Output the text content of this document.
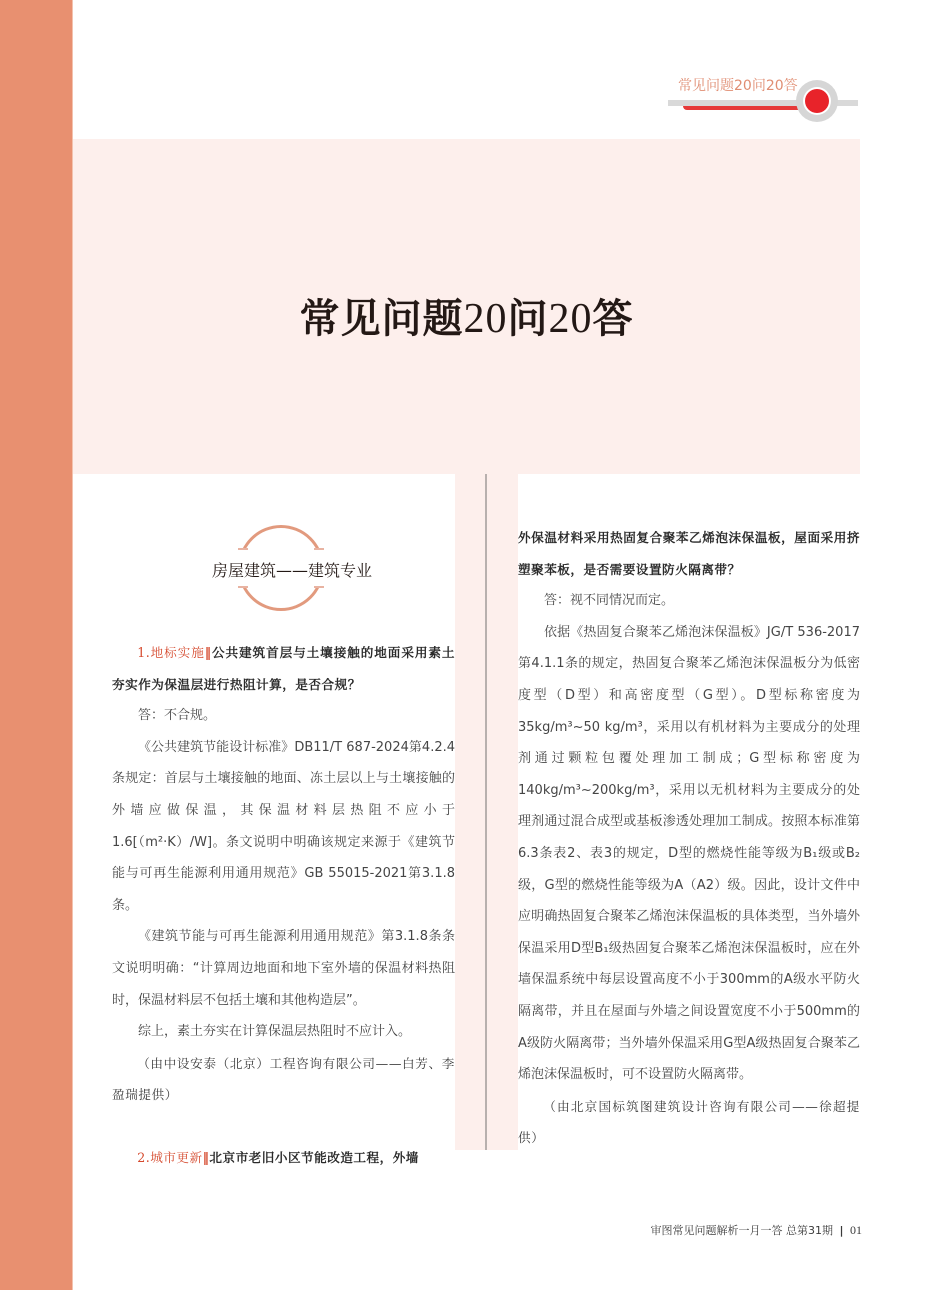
常见问题20问20答
常见问题20问20答
房屋建筑——建筑专业

1.地标实施‖公共建筑首层与土壤接触的地面采用素土夯实作为保温层进行热阻计算，是否合规？

答：不合规。

《公共建筑节能设计标准》DB11/T 687-2024第4.2.4条规定：首层与土壤接触的地面、冻土层以上与土壤接触的外墙应做保温，其保温材料层热阻不应小于1.6[（m²·K）/W]。条文说明中明确该规定来源于《建筑节能与可再生能源利用通用规范》GB 55015-2021第3.1.8条。

《建筑节能与可再生能源利用通用规范》第3.1.8条条文说明明确：“计算周边地面和地下室外墙的保温材料热阻时，保温材料层不包括土壤和其他构造层”。

综上，素土夯实在计算保温层热阻时不应计入。

（由中设安泰（北京）工程咨询有限公司——白芳、李盈瑞提供）

2.城市更新‖北京市老旧小区节能改造工程，外墙

外保温材料采用热固复合聚苯乙烯泡沫保温板，屋面采用挤塑聚苯板，是否需要设置防火隔离带？

答：视不同情况而定。

依据《热固复合聚苯乙烯泡沫保温板》JG/T 536-2017第4.1.1条的规定，热固复合聚苯乙烯泡沫保温板分为低密度型（D型）和高密度型（G型）。D型标称密度为 35kg/m³~50 kg/m³，采用以有机材料为主要成分的处理剂通过颗粒包覆处理加工制成；G型标称密度为140kg/m³~200kg/m³，采用以无机材料为主要成分的处理剂通过混合成型或基板渗透处理加工制成。按照本标准第6.3条表2、表3的规定，D型的燃烧性能等级为B₁级或B₂级，G型的燃烧性能等级为A（A2）级。因此，设计文件中应明确热固复合聚苯乙烯泡沫保温板的具体类型，当外墙外保温采用D型B₁级热固复合聚苯乙烯泡沫保温板时，应在外墙保温系统中每层设置高度不小于300mm的A级水平防火隔离带，并且在屋面与外墙之间设置宽度不小于500mm的A级防火隔离带；当外墙外保温采用G型A级热固复合聚苯乙烯泡沫保温板时，可不设置防火隔离带。

（由北京国标筑图建筑设计咨询有限公司——徐超提供）

审图常见问题解析一月一答 总第31期 | 01
